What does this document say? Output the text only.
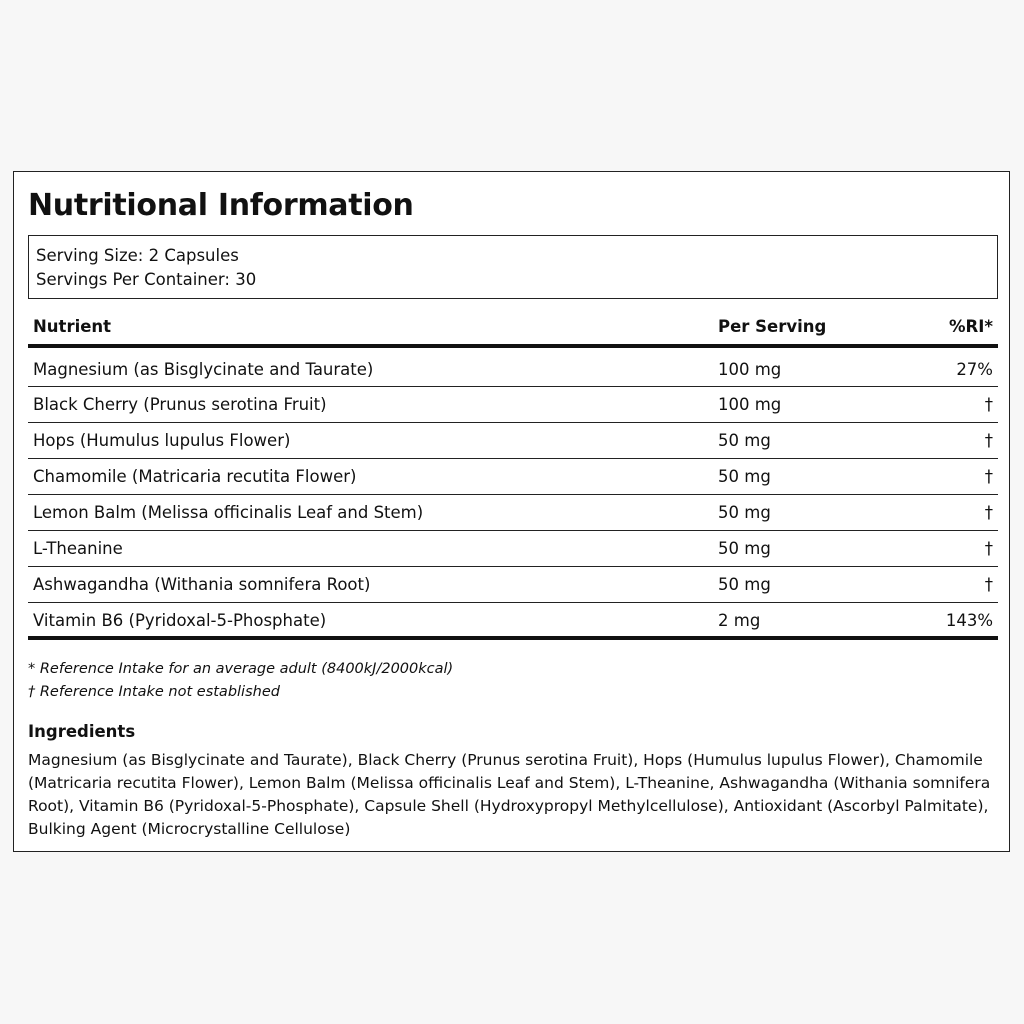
Nutritional Information
Serving Size: 2 Capsules
Servings Per Container: 30
Nutrient	Per Serving	%RI*
Magnesium (as Bisglycinate and Taurate)	100 mg	27%
Black Cherry (Prunus serotina Fruit)	100 mg	†
Hops (Humulus lupulus Flower)	50 mg	†
Chamomile (Matricaria recutita Flower)	50 mg	†
Lemon Balm (Melissa officinalis Leaf and Stem)	50 mg	†
L-Theanine	50 mg	†
Ashwagandha (Withania somnifera Root)	50 mg	†
Vitamin B6 (Pyridoxal-5-Phosphate)	2 mg	143%
* Reference Intake for an average adult (8400kJ/2000kcal)
† Reference Intake not established
Ingredients

Magnesium (as Bisglycinate and Taurate), Black Cherry (Prunus serotina Fruit), Hops (Humulus lupulus Flower), Chamomile (Matricaria recutita Flower), Lemon Balm (Melissa officinalis Leaf and Stem), L-Theanine, Ashwagandha (Withania somnifera Root), Vitamin B6 (Pyridoxal-5-Phosphate), Capsule Shell (Hydroxypropyl Methylcellulose), Antioxidant (Ascorbyl Palmitate), Bulking Agent (Microcrystalline Cellulose)
